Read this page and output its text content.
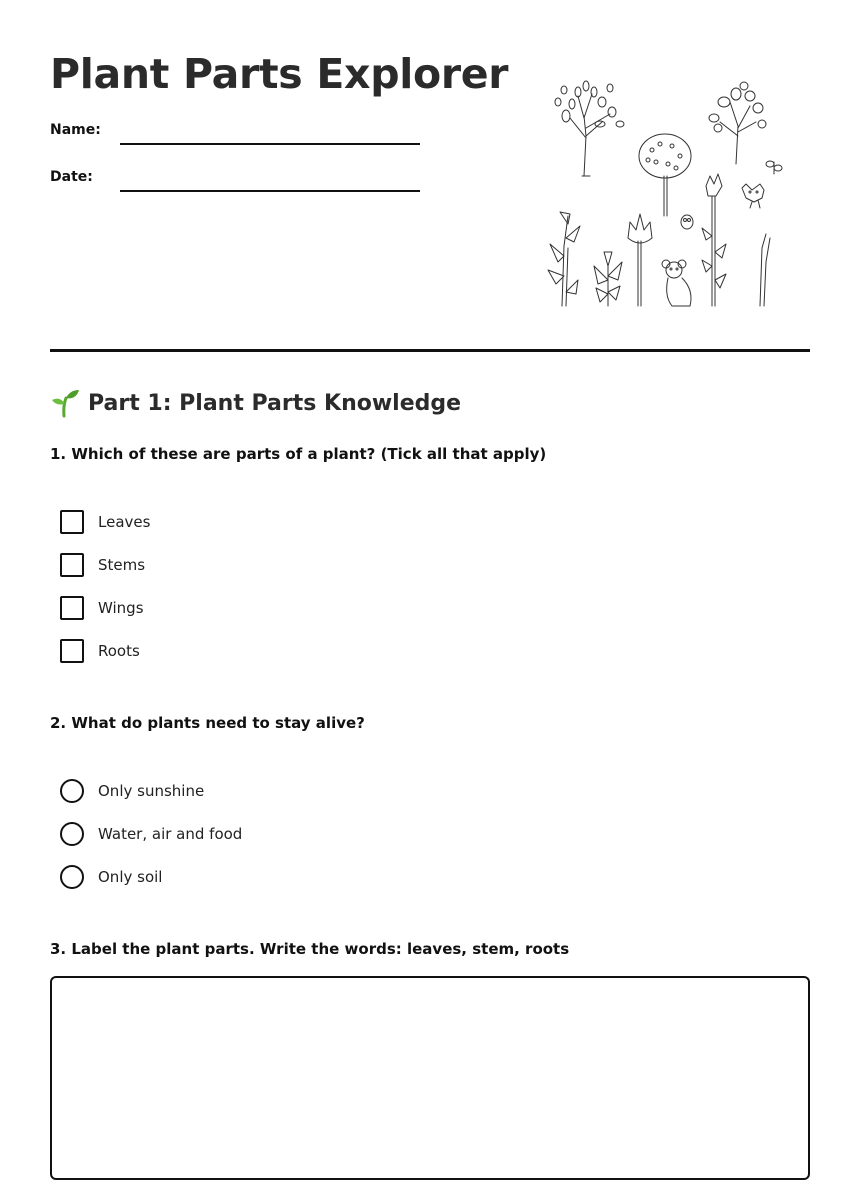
Plant Parts Explorer
Name:
Date:
Part 1: Plant Parts Knowledge

1. Which of these are parts of a plant? (Tick all that apply)

Leaves
Stems
Wings
Roots

2. What do plants need to stay alive?

Only sunshine
Water, air and food
Only soil

3. Label the plant parts. Write the words: leaves, stem, roots
